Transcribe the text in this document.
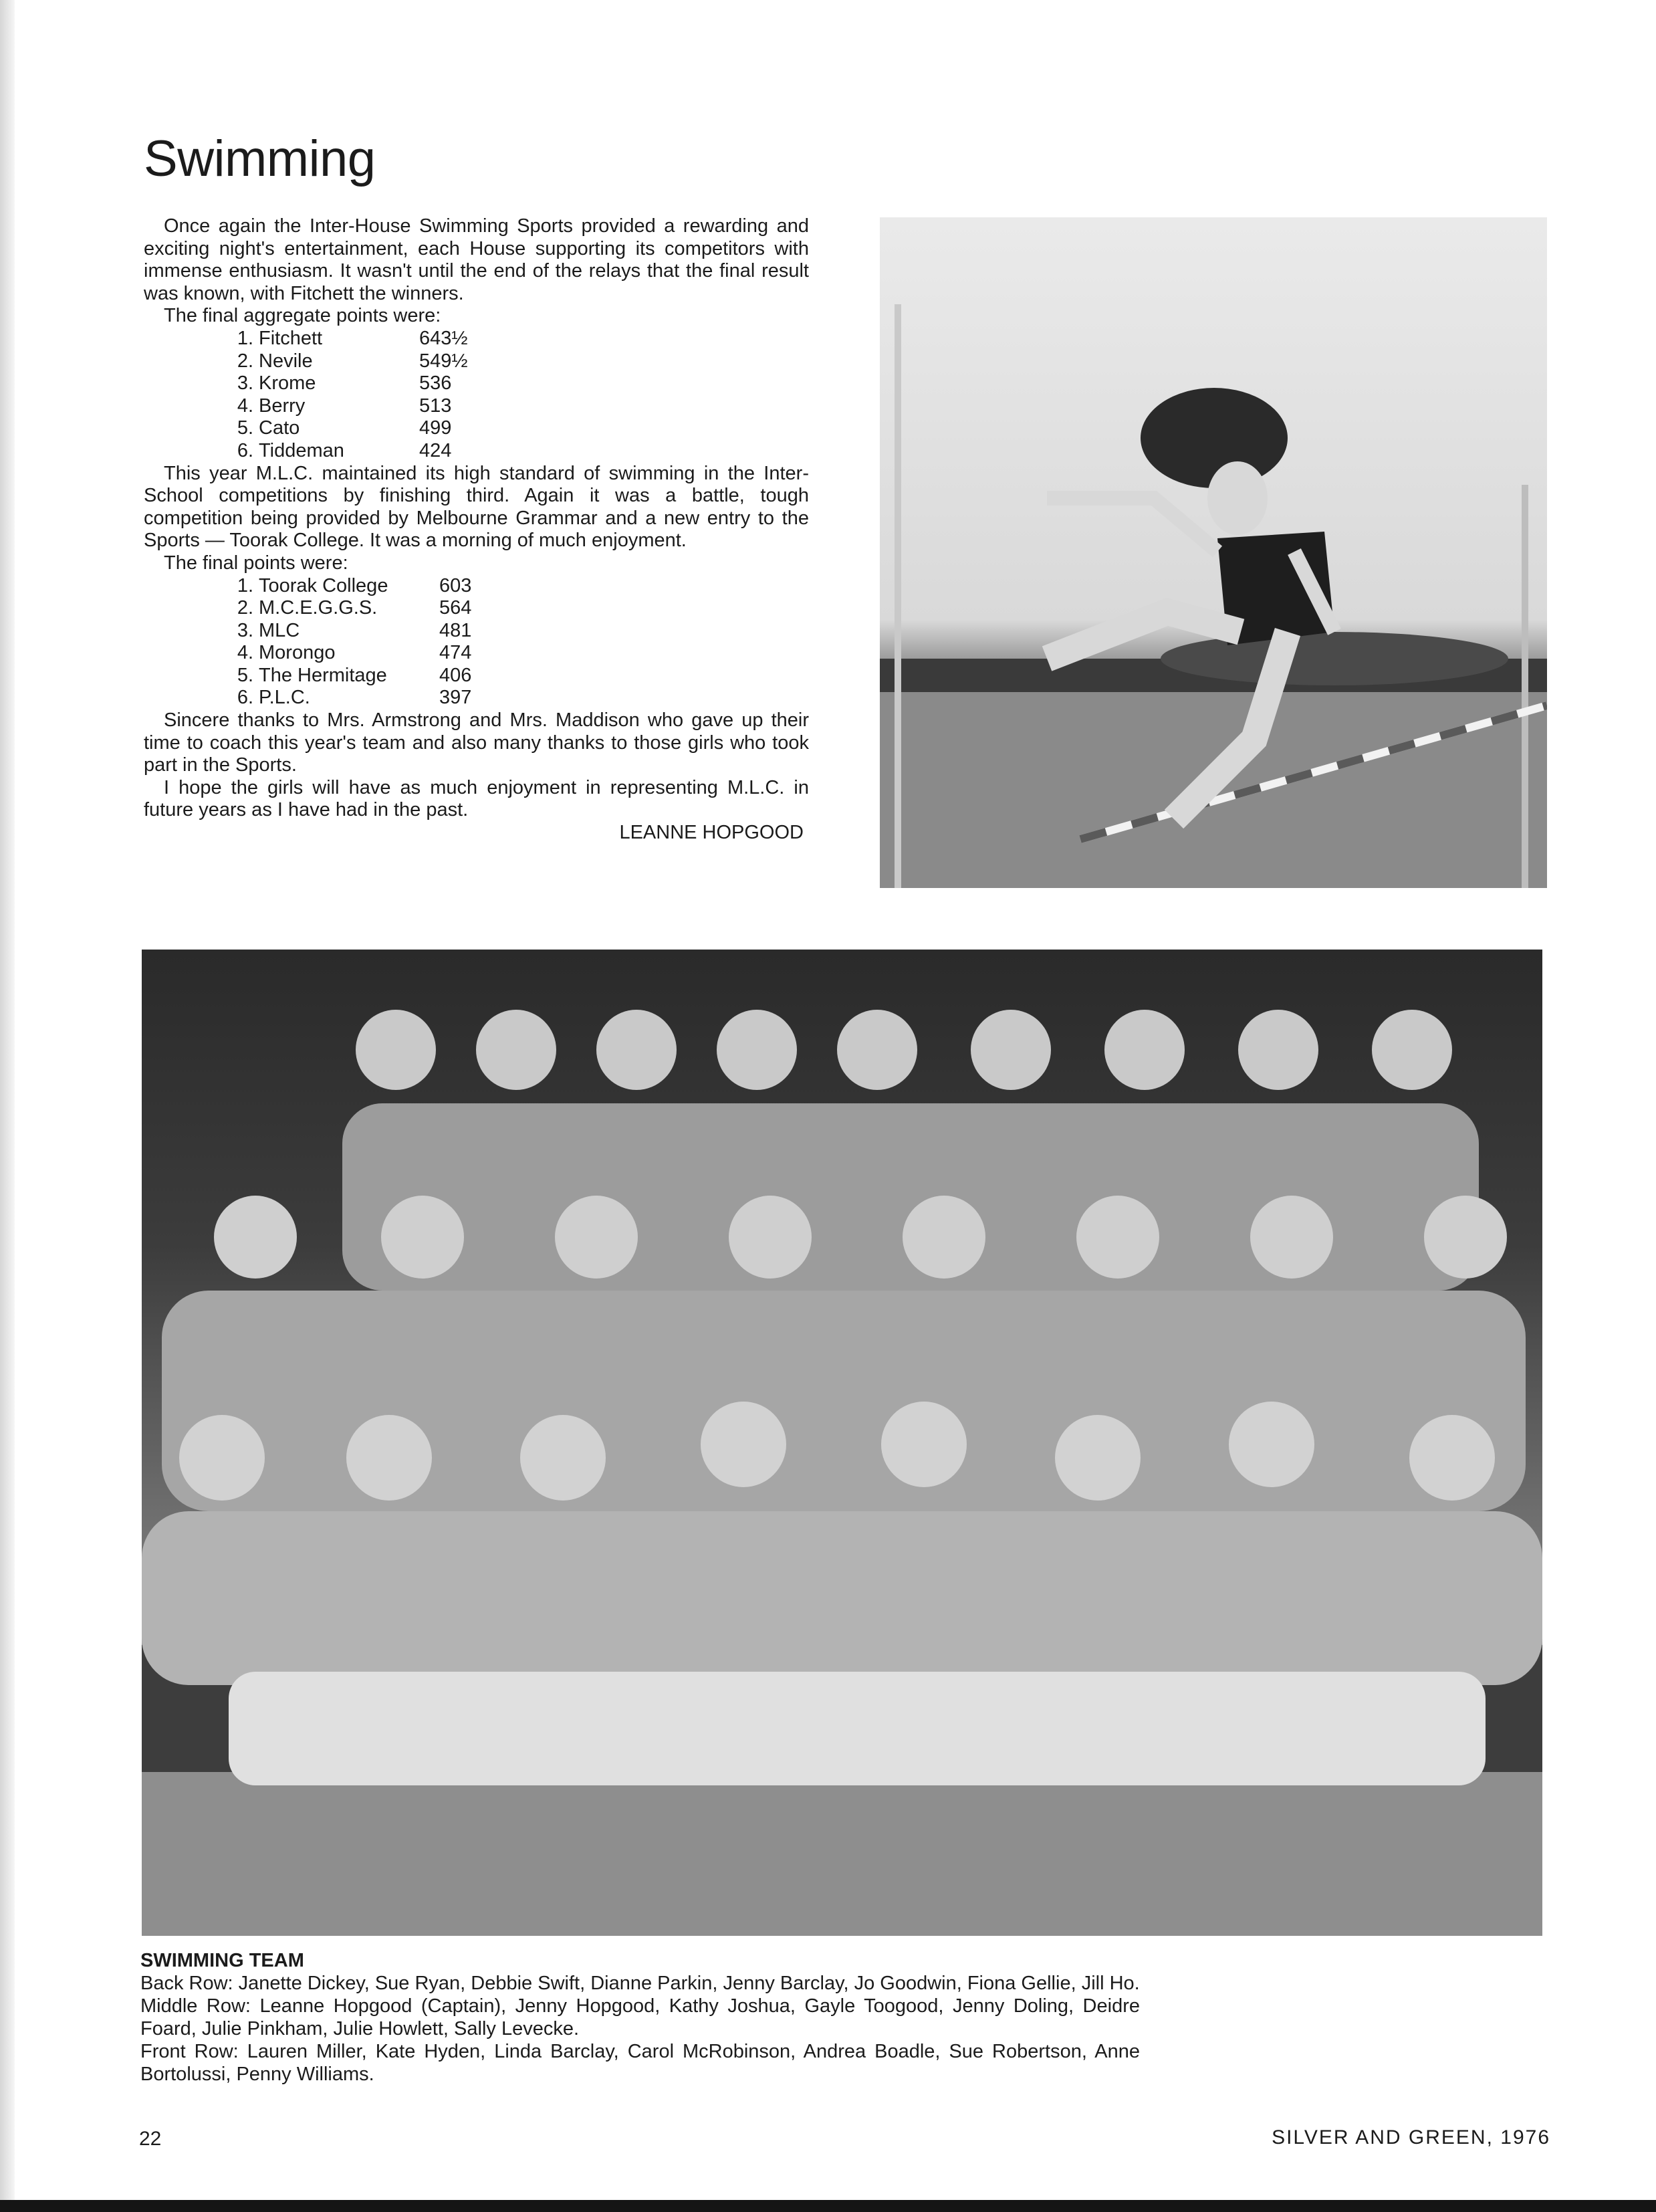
Swimming

Once again the Inter-House Swimming Sports provided a rewarding and exciting night's entertainment, each House supporting its competitors with immense enthusiasm. It wasn't until the end of the relays that the final result was known, with Fitchett the winners.

The final aggregate points were:

1. Fitchett	643½
2. Nevile	549½
3. Krome	536
4. Berry	513
5. Cato	499
6. Tiddeman	424

This year M.L.C. maintained its high standard of swimming in the Inter-School competitions by finishing third. Again it was a battle, tough competition being provided by Melbourne Grammar and a new entry to the Sports — Toorak College. It was a morning of much enjoyment.

The final points were:

1. Toorak College	603
2. M.C.E.G.G.S.	564
3. MLC	481
4. Morongo	474
5. The Hermitage	406
6. P.L.C.	397

Sincere thanks to Mrs. Armstrong and Mrs. Maddison who gave up their time to coach this year's team and also many thanks to those girls who took part in the Sports.

I hope the girls will have as much enjoyment in representing M.L.C. in future years as I have had in the past.

LEANNE HOPGOOD

SWIMMING TEAM

Back Row: Janette Dickey, Sue Ryan, Debbie Swift, Dianne Parkin, Jenny Barclay, Jo Goodwin, Fiona Gellie, Jill Ho.

Middle Row: Leanne Hopgood (Captain), Jenny Hopgood, Kathy Joshua, Gayle Toogood, Jenny Doling, Deidre Foard, Julie Pinkham, Julie Howlett, Sally Levecke.

Front Row: Lauren Miller, Kate Hyden, Linda Barclay, Carol McRobinson, Andrea Boadle, Sue Robertson, Anne Bortolussi, Penny Williams.

22	SILVER AND GREEN, 1976
